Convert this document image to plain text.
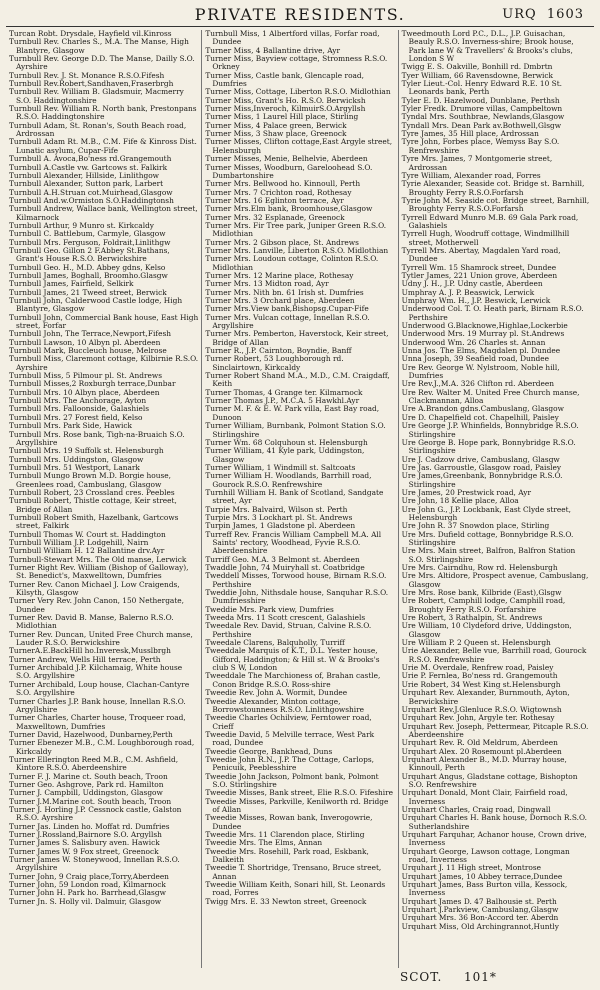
PRIVATE RESIDENTS.	URQ 1603
Turcan Robt. Drysdale, Hayfield vil.Kinross
Turnbull Rev. Charles S., M.A. The Manse, High Blantyre, Glasgow
Turnbull Rev. George D.D. The Manse, Dailly S.O. Ayrshire
Turnbull Rev. J. St. Monance R.S.O.Fifesh
Turnbull Rev.Robert,Sandhaven,Fraserbrgh
Turnbull Rev. William B. Gladsmuir, Macmerry S.O. Haddingtonshire
Turnbull Rev. William R. North bank, Prestonpans R.S.O. Haddingtonshire
Turnbull Adam, St. Ronan's, South Beach road, Ardrossan
Turnbull Adam Rt. M.B., C.M. Fife & Kinross Dist. Lunatic asylum, Cupar-Fife
Turnbull A. Avoca,Bo'ness rd.Grangemouth
Turnbull A.Castle vw. Gartcows st. Falkirk
Turnbull Alexander, Hillside, Linlithgow
Turnbull Alexander, Sutton park, Larbert
Turnbull A.H.Struan cot.Muirhead,Glasgow
Turnbull And.w.Ormiston S.O.Haddingtonsh
Turnbull Andrew, Wallace bank, Wellington street, Kilmarnock
Turnbull Arthur, 9 Munro st. Kirkcaldy
Turnbull C. Battlebum, Carmyle, Glasgow
Turnbull Mrs. Ferguson, Foldrait,Linlithgw
Turnbull Geo. Gillon 2 F.Abbey St.Bathans, Grant's House R.S.O. Berwickshire
Turnbull Geo. H., M.D. Abbey gdns, Kelso
Turnbull James, Boghall, Broomho.Glasgw
Turnbull James, Fairfield, Selkirk
Turnbull James, 21 Tweed street, Berwick
Turnbull John, Calderwood Castle lodge, High Blantyre, Glasgow
Turnbull John, Commercial Bank house, East High street, Forfar
Turnbull John, The Terrace,Newport,Fifesh
Turnbull Lawson, 10 Albyn pl. Aberdeen
Turnbull Mark, Buccleuch house, Melrose
Turnbull Miss, Claremont cottage, Kilbirnie R.S.O. Ayrshire
Turnbull Miss, 5 Pilmour pl. St. Andrews
Turnbull Misses,2 Roxburgh terrace,Dunbar
Turnbull Mrs. 10 Albyn place, Aberdeen
Turnbull Mrs. The Anchorage, Ayton
Turnbull Mrs. Falloonside, Galashiels
Turnbull Mrs. 27 Forest field, Kelso
Turnbull Mrs. Park Side, Hawick
Turnbull Mrs. Rose bank, Tigh-na-Bruaich S.O. Argyllshire
Turnbull Mrs. 19 Suffolk st. Helensburgh
Turnbull Mrs. Uddingston, Glasgow
Turnbull Mrs. 51 Westport, Lanark
Turnbull Mungo Brown M.D. Borgie house, Greenlees road, Cambuslang, Glasgow
Turnbull Robert, 23 Crossland cres. Peebles
Turnbull Robert, Thistle cottage, Keir street, Bridge of Allan
Turnbull Robert Smith, Hazelbank, Gartcows street, Falkirk
Turnbull Thomas W. Court st. Haddington
Turnbull William J.P. Lodgehill, Nairn
Turnbull William H. 12 Ballantine drv.Ayr
Turnbull-Stewart Mrs. The Old manse, Lerwick
Turner Right Rev. William (Bishop of Galloway), St. Benedict's, Maxwelltown, Dumfries
Turner Rev. Canon Michael J. Low Craigends, Kilsyth, Glasgow
Turner Very Rev. John Canon, 150 Nethergate, Dundee
Turner Rev. David B. Manse, Balerno R.S.O. Midlothian
Turner Rev. Duncan, United Free Church manse, Lauder R.S.O. Berwickshire
TurnerA.E.BackHill ho.Inveresk,Musslbrgh
Turner Andrew, Wells Hill terrace, Perth
Turner Archibald J.P. Kilchamaig, White house S.O. Argyllshire
Turner Archibald, Loup house, Clachan-Cantyre S.O. Argyllshire
Turner Charles J.P. Bank house, Innellan R.S.O. Argyllshire
Turner Charles, Charter house, Troqueer road, Maxwelltown, Dumfries
Turner David, Hazelwood, Dunbarney,Perth
Turner Ebenezer M.B., C.M. Loughborough road, Kirkcaldy
Turner Ellerington Reed M.B., C.M. Ashfield, Kintore R.S.O. Aberdeenshire
Turner F. J. Marine ct. South beach, Troon
Turner Geo. Ashgrove, Park rd. Hamilton
Turner J. Campbill, Uddingston, Glasgow
Turner J.M.Marine cot. South beach, Troon
Turner J. Horling J.P. Cessnock castle, Galston R.S.O. Ayrshire
Turner Jas. Linden ho. Moffat rd. Dumfries
Turner J.Rossland,Bairnore S.O. Argyllsh
Turner James S. Salisbury aven. Hawick
Turner James W. 9 Fox street, Greenock
Turner James W. Stoneywood, Innellan R.S.O. Argyllshire
Turner John, 9 Craig place,Torry,Aberdeen
Turner John, 59 London road, Kilmarnock
Turner John H. Park ho. Barrhead,Glasgw
Turner Jn. S. Holly vil. Dalmuir, Glasgow
Turnbull Miss, 1 Albertford villas, Forfar road, Dundee
Turner Miss, 4 Ballantine drive, Ayr
Turner Miss, Bayview cottage, Stromness R.S.O. Orkney
Turner Miss, Castle bank, Glencaple road, Dumfries
Turner Miss, Cottage, Liberton R.S.O. Midlothian
Turner Miss, Grant's Ho. R.S.O. Berwicksh
Turner Miss,Inveroch, KilmuirS.O.Argyllsh
Turner Miss, 1 Laurel Hill place, Stirling
Turner Miss, 4 Palace green, Berwick
Turner Miss, 3 Shaw place, Greenock
Turner Misses, Clifton cottage,East Argyle street, Helensburgh
Turner Misses, Menie, Belhelvie, Aberdeen
Turner Misses, Woodburn, Gareloohead S.O. Dumbartonshire
Turner Mrs. Bellwood ho. Kinnoull, Perth
Turner Mrs. 7 Crichton road, Rothesay
Turner Mrs. 16 Eglinton terrace, Ayr
Turner Mrs.Elm bank, Broomhouse,Glasgow
Turner Mrs. 32 Esplanade, Greenock
Turner Mrs. Fir Tree park, Juniper Green R.S.O. Midlothian
Turner Mrs. 2 Gibson place, St. Andrews
Turner Mrs. Lanville, Liberton R.S.O. Midlothian
Turner Mrs. Loudoun cottage, Colinton R.S.O. Midlothian
Turner Mrs. 12 Marine place, Rothesay
Turner Mrs. 13 Midton road, Ayr
Turner Mrs. Nith bn. 61 Irish st. Dumfries
Turner Mrs. 3 Orchard place, Aberdeen
Turner Mrs.View bank,Bishopsg.Cupar-Fife
Turner Mrs. Vulcan cottage, Innellan R.S.O. Argyllshire
Turner Mrs. Pemberton, Haverstock, Keir street, Bridge of Allan
Turner R., J.P. Cairnton, Boyndie, Banff
Turner Robert, 53 Loughborough rd. Sinclairtown, Kirkcaldy
Turner Robert Shand M.A., M.D., C.M. Craigdaff, Keith
Turner Thomas, 4 Grange ter. Kilmarnock
Turner Thomas J.P., M.C.A. 5 Hawkhl.Ayr
Turner M. F. & E. W. Park villa, East Bay road, Dunoon
Turner William, Burnbank, Polmont Station S.O. Stirlingshire
Turner Wm. 68 Colquhoun st. Helensburgh
Turner William, 41 Kyle park, Uddingston, Glasgow
Turner William, 1 Windmill st. Saltcoats
Turner William H. Woodlands, Barrhill road, Gourock R.S.O. Renfrewshire
Turnhill William H. Bank of Scotland, Sandgate street, Ayr
Turpie Mrs. Balvaird, Wilson st. Perth
Turpie Mrs. 3 Lockhart pl. St. Andrews
Turpin James, 1 Gladstone pl. Aberdeen
Turreff Rev. Francis William Campbell M.A. All Saints' rectory, Woodhead, Fyvie R.S.O. Aberdeenshire
Turriff Geo. M.A. 3 Belmont st. Aberdeen
Twaddle John, 74 Muiryhall st. Coatbridge
Tweddell Misses, Torwood house, Birnam R.S.O. Perthshire
Tweddie John, Nithsdale house, Sanquhar R.S.O. Dumfriesshire
Tweddie Mrs. Park view, Dumfries
Tweeda Mrs. 11 Scott crescent, Galashiels
Tweedale Rev. David, Struan, Calvine R.S.O. Perthshire
Tweedale Clarens, Balquholly, Turriff
Tweeddale Marquis of K.T., D.L. Yester house, Gifford, Haddington; & Hill st. W & Brooks's club S W, London
Tweeddale The Marchioness of, Brahan castle, Conon Bridge R.S.O. Ross-shire
Tweedie Rev. John A. Wormit, Dundee
Tweedie Alexander, Minton cottage, Borrowstounness R.S.O. Linlithgowshire
Tweedie Charles Ochilview, Ferntower road, Crieff
Tweedie David, 5 Melville terrace, West Park road, Dundee
Tweedie George, Bankhead, Duns
Tweedie John R.N., J.P. The Cottage, Carlops, Penicuik, Peeblesshire
Tweedie John Jackson, Polmont bank, Polmont S.O. Stirlingshire
Tweedie Misses, Bank street, Elie R.S.O. Fifeshire
Tweedie Misses, Parkville, Kenilworth rd. Bridge of Allan
Tweedie Misses, Rowan bank, Inverogowrie, Dundee
Tweedie Mrs. 11 Clarendon place, Stirling
Tweedie Mrs. The Elms, Annan
Tweedie Mrs. Rosehill, Park road, Eskbank, Dalkeith
Tweedie T. Shortridge, Trensano, Bruce street, Annan
Tweedie William Keith, Sonari hill, St. Leonards road, Forres
Twigg Mrs. E. 33 Newton street, Greenock
Tweedmouth Lord P.C., D.L., J.P. Guisachan, Beauly R.S.O. Inverness-shire; Brook house, Park lane W & Travellers' & Brooks's clubs, London S W
Twigg E. S. Oakville, Bonhill rd. Dmbrtn
Tyer William, 66 Ravensdowne, Berwick
Tyler Lieut.-Col. Henry Edward R.E. 10 St. Leonards bank, Perth
Tyler E. D. Hazelwood, Dunblane, Perthsh
Tyler Fredk. Drumore villas, Campbeltown
Tyndal Mrs. Southbrae, Newlands,Glasgow
Tyndall Mrs. Dean Park av.Bothwell,Glsgw
Tyre James, 35 Hill place, Ardrossan
Tyre John, Forbes place, Wemyss Bay S.O. Renfrewshire
Tyre Mrs. James, 7 Montgomerie street, Ardrossan
Tyre William, Alexander road, Forres
Tyrie Alexander, Seaside cot. Bridge st. Barnhill, Broughty Ferry R.S.O.Forfarsh
Tyrie John M. Seaside cot. Bridge street, Barnhill, Broughty Ferry R.S.O.Forfarsh
Tyrrell Edward Munro M.B. 69 Gala Park road, Galashiels
Tyrrell Hugh, Woodruff cottage, Windmillhill street, Motherwell
Tyrrell Mrs. Abertay, Magdalen Yard road, Dundee
Tyrrell Wm. 15 Shamrock street, Dundee
Tytler James, 221 Union grove, Aberdeen
Udny J. H., J.P. Udny castle, Aberdeen
Umphray A. J. P. Beaswick, Lerwick
Umphray Wm. H., J.P. Beswick, Lerwick
Underwood Col. T. O. Heath park, Birnam R.S.O. Perthshire
Underwood G.Blacknowe,Highlae,Lockerbie
Underwood Mrs. 19 Murray pl. St.Andrews
Underwood Wm. 26 Charles st. Annan
Unna Jos. The Elms, Magdalen pl. Dundee
Unna Joseph, 39 Seafield road, Dundee
Ure Rev. George W. Nylstroom, Noble hill, Dumfries
Ure Rev.J.,M.A. 326 Clifton rd. Aberdeen
Ure Rev. Walter M. United Free Church manse, Clackmannan, Alloa
Ure A.Brandon gdns.Cambuslang, Glasgow
Ure D. Chapelfield cot. Chapelhill, Paisley
Ure George J.P. Whinfields, Bonnybridge R.S.O. Stirlingshire
Ure George B. Hope park, Bonnybridge R.S.O. Stirlingshire
Ure J. Cadzow drive, Cambuslang, Glasgw
Ure Jas. Garroustle, Glasgow road, Paisley
Ure James,Greenbank, Bonnybridge R.S.O. Stirlingshire
Ure James, 20 Prestwick road, Ayr
Ure John, 18 Kellie place, Alloa
Ure John G., J.P. Lockbank, East Clyde street, Helensburgh
Ure John R. 37 Snowdon place, Stirling
Ure Mrs. Dufield cottage, Bonnybridge R.S.O. Stirlingshire
Ure Mrs. Main street, Balfron, Balfron Station S.O. Stirlingshire
Ure Mrs. Cairndhu, Row rd. Helensburgh
Ure Mrs. Altidore, Prospect avenue, Cambuslang, Glasgow
Ure Mrs. Rose bank, Kilbride (East),Glsgw
Ure Robert, Camphill lodge, Camphill road, Broughty Ferry R.S.O. Forfarshire
Ure Robert, 3 Rathalpin, St. Andrews
Ure William, 10 Clydeford drive, Uddingston, Glasgow
Ure William P. 2 Queen st. Helensburgh
Urie Alexander, Belle vue, Barrhill road, Gourock R.S.O. Renfrewshire
Urie M. Overdale, Renfrew road, Paisley
Urie P. Fernlea, Bo'ness rd. Grangemouth
Urie Robert, 34 West King st.Helensburgh
Urquhart Rev. Alexander, Burnmouth, Ayton, Berwickshire
Urquhart Rev.J.Glenluce R.S.O. Wigtownsh
Urquhart Rev. John, Argyle ter. Rothesay
Urquhart Rev. Joseph, Pettermear, Pitcaple R.S.O. Aberdeenshire
Urquhart Rev. R. Old Meldrum, Aberdeen
Urquhart Alex. 20 Rosemount pl.Aberdeen
Urquhart Alexander B., M.D. Murray house, Kinnoull, Perth
Urquhart Angus, Gladstane cottage, Bishopton S.O. Renfrewshire
Urquhart Donald, Mont Clair, Fairfield road, Inverness
Urquhart Charles, Craig road, Dingwall
Urquhart Charles H. Bank house, Dornoch R.S.O. Sutherlandshire
Urquhart Farquhar, Achanor house, Crown drive, Inverness
Urquhart George, Lawson cottage, Longman road, Inverness
Urquhart J. 11 High street, Montrose
Urquhart James, 10 Abbey terrace,Dundee
Urquhart James, Bass Burton villa, Kessock, Inverness
Urquhart James D. 47 Balhousie st. Perth
Urquhart J.Parkview, Cambuslang,Glasgw
Urquhart Mrs. 36 Bon-Accord ter. Aberdn
Urquhart Miss, Old Archingrannot,Huntly
SCOT. 101*
